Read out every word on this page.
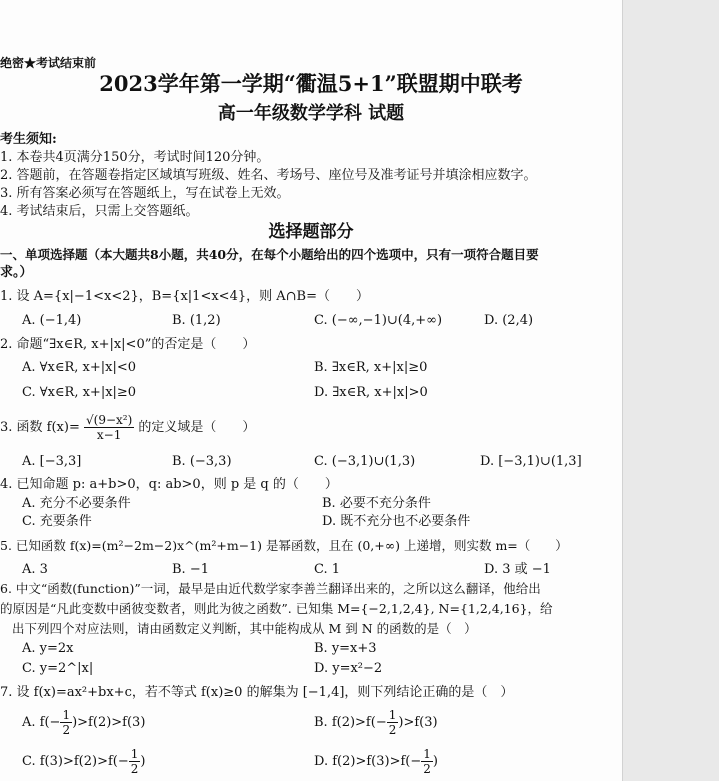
绝密★考试结束前
2023学年第一学期“衢温5+1”联盟期中联考
高一年级数学学科 试题
考生须知:
1. 本卷共4页满分150分，考试时间120分钟。
2. 答题前，在答题卷指定区域填写班级、姓名、考场号、座位号及准考证号并填涂相应数字。
3. 所有答案必须写在答题纸上，写在试卷上无效。
4. 考试结束后，只需上交答题纸。
选择题部分
一、单项选择题（本大题共8小题，共40分，在每个小题给出的四个选项中，只有一项符合题目要
求。）
1. 设 A={x|−1<x<2}，B={x|1<x<4}，则 A∩B=（　　）
A. (−1,4)	B. (1,2)	C. (−∞,−1)∪(4,+∞)	D. (2,4)
2. 命题“∃x∈R, x+|x|<0”的否定是（　　）
A. ∀x∈R, x+|x|<0	B. ∃x∈R, x+|x|≥0
C. ∀x∈R, x+|x|≥0	D. ∃x∈R, x+|x|>0
3. 函数 $f(x)= \frac{\text{√(9−x²)}}{x-1}$ 的定义域是（　　）
A. [−3,3]	B. (−3,3)	C. (−3,1)∪(1,3)	D. [−3,1)∪(1,3]
4. 已知命题 p: a+b>0，q: ab>0，则 p 是 q 的（　　）
A. 充分不必要条件	B. 必要不充分条件
C. 充要条件	D. 既不充分也不必要条件
5. 已知函数 f(x)=(m²−2m−2)x^(m²+m−1) 是幂函数，且在 (0,+∞) 上递增，则实数 m=（　　）
A. 3	B. −1	C. 1	D. 3 或 −1
6. 中文“函数(function)”一词，最早是由近代数学家李善兰翻译出来的，之所以这么翻译，他给出
的原因是“凡此变数中函彼变数者，则此为彼之函数”. 已知集 M={−2,1,2,4}, N={1,2,4,16}，给
出下列四个对应法则，请由函数定义判断，其中能构成从 M 到 N 的函数的是（　）
A. y=2x	B. y=x+3
C. y=2^|x|	D. y=x²−2
7. 设 f(x)=ax²+bx+c，若不等式 f(x)≥0 的解集为 [−1,4]，则下列结论正确的是（　）
A. $f(- \frac{1}{2} )>f(2)>f(3)$	B. $f(2)>f(- \frac{1}{2} )>f(3)$
C. $f(3)>f(2)>f(- \frac{1}{2}$ )	D. $f(2)>f(3)>f(- \frac{1}{2}$ )
